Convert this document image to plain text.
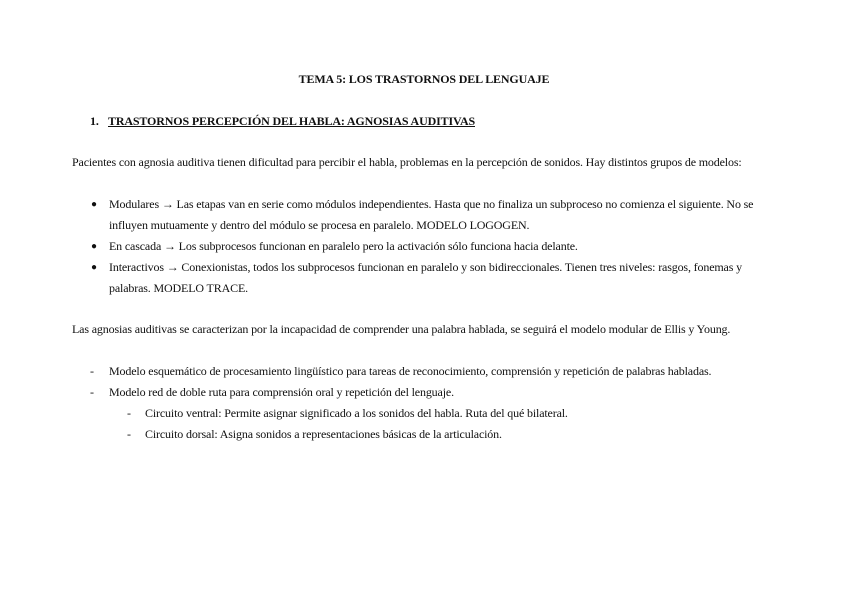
TEMA 5: LOS TRASTORNOS DEL LENGUAJE
1. TRASTORNOS PERCEPCIÓN DEL HABLA: AGNOSIAS AUDITIVAS
Pacientes con agnosia auditiva tienen dificultad para percibir el habla, problemas en la percepción de sonidos. Hay distintos grupos de modelos:
● Modulares → Las etapas van en serie como módulos independientes. Hasta que no finaliza un subproceso no comienza el siguiente. No se influyen mutuamente y dentro del módulo se procesa en paralelo. MODELO LOGOGEN.
● En cascada → Los subprocesos funcionan en paralelo pero la activación sólo funciona hacia delante.
● Interactivos → Conexionistas, todos los subprocesos funcionan en paralelo y son bidireccionales. Tienen tres niveles: rasgos, fonemas y palabras. MODELO TRACE.
Las agnosias auditivas se caracterizan por la incapacidad de comprender una palabra hablada, se seguirá el modelo modular de Ellis y Young.
- Modelo esquemático de procesamiento lingüístico para tareas de reconocimiento, comprensión y repetición de palabras habladas.
- Modelo red de doble ruta para comprensión oral y repetición del lenguaje.
- Circuito ventral: Permite asignar significado a los sonidos del habla. Ruta del qué bilateral.
- Circuito dorsal: Asigna sonidos a representaciones básicas de la articulación.
